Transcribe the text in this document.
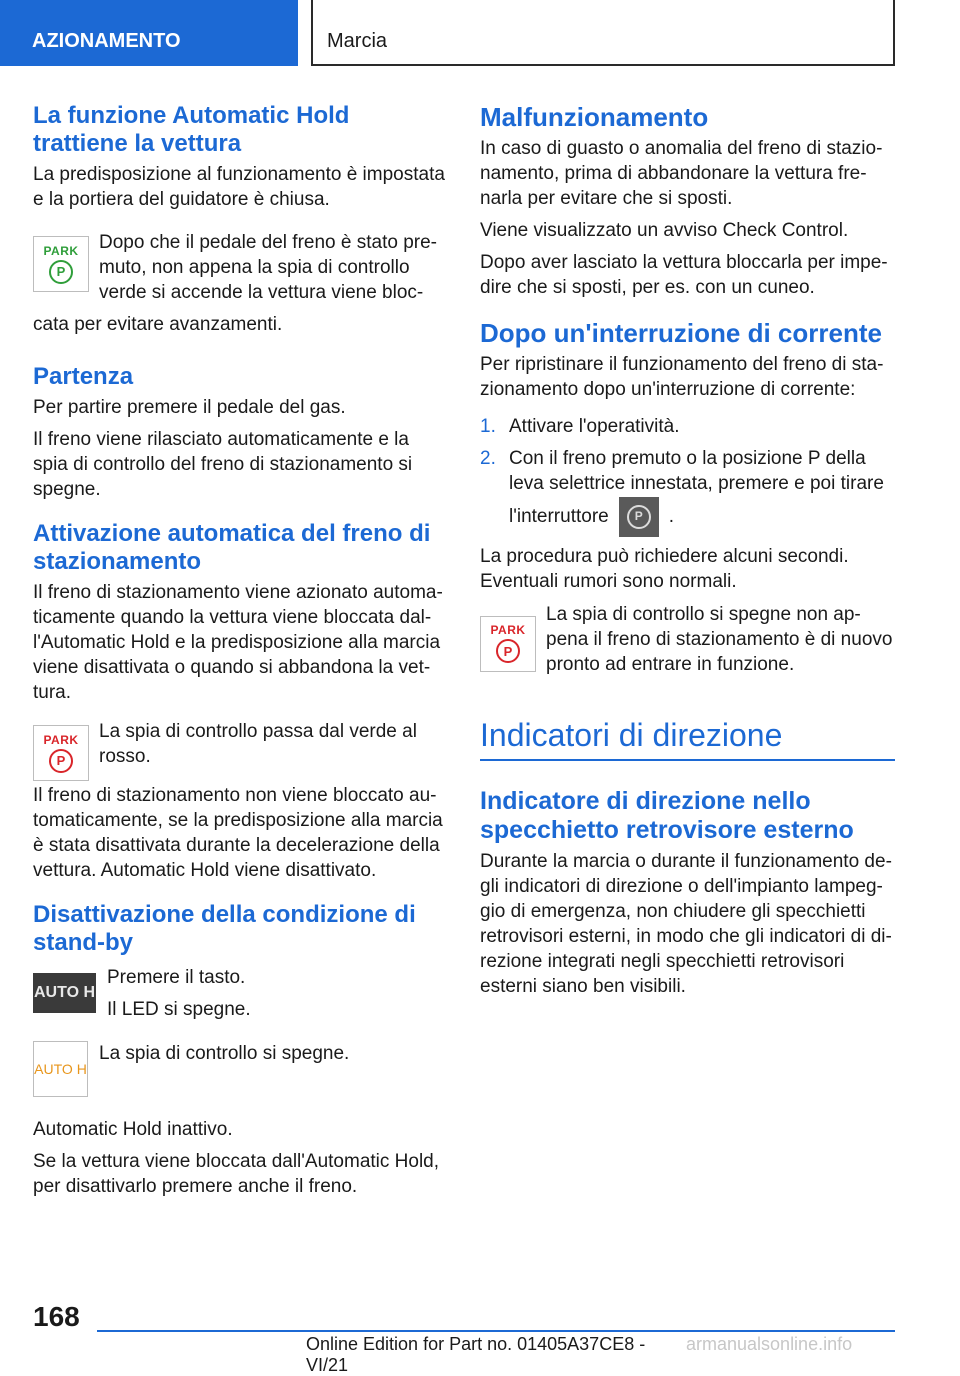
AZIONAMENTO	Marcia
La funzione Automatic Hold trattiene la vettura

La predisposizione al funzionamento è impostata e la portiera del guidatore è chiusa.

PARK
P

Dopo che il pedale del freno è stato pre-muto, non appena la spia di controllo verde si accende la vettura viene bloc-

cata per evitare avanzamenti.

Partenza

Per partire premere il pedale del gas.

Il freno viene rilasciato automaticamente e la spia di controllo del freno di stazionamento si spegne.

Attivazione automatica del freno di stazionamento

Il freno di stazionamento viene azionato automa-ticamente quando la vettura viene bloccata dal-l'Automatic Hold e la predisposizione alla marcia viene disattivata o quando si abbandona la vet-tura.

PARK
P

La spia di controllo passa dal verde al rosso.

Il freno di stazionamento non viene bloccato au-tomaticamente, se la predisposizione alla marcia è stata disattivata durante la decelerazione della vettura. Automatic Hold viene disattivato.

Disattivazione della condizione di stand-by
AUTO H

Premere il tasto.

Il LED si spegne.

AUTO H

La spia di controllo si spegne.

Automatic Hold inattivo.

Se la vettura viene bloccata dall'Automatic Hold, per disattivarlo premere anche il freno.

Malfunzionamento

In caso di guasto o anomalia del freno di stazio-namento, prima di abbandonare la vettura fre-narla per evitare che si sposti.

Viene visualizzato un avviso Check Control.

Dopo aver lasciato la vettura bloccarla per impe-dire che si sposti, per es. con un cuneo.

Dopo un'interruzione di corrente

Per ripristinare il funzionamento del freno di sta-zionamento dopo un'interruzione di corrente:

1. Attivare l'operatività.
2. Con il freno premuto o la posizione P della leva selettrice innestata, premere e poi tirare
l'interruttore	P	.

La procedura può richiedere alcuni secondi.

Eventuali rumori sono normali.

PARK
P

La spia di controllo si spegne non ap-pena il freno di stazionamento è di nuovo pronto ad entrare in funzione.

Indicatori di direzione
Indicatore di direzione nello specchietto retrovisore esterno

Durante la marcia o durante il funzionamento de-gli indicatori di direzione o dell'impianto lampeg-gio di emergenza, non chiudere gli specchietti retrovisori esterni, in modo che gli indicatori di di-rezione integrati negli specchietti retrovisori esterni siano ben visibili.

168
Online Edition for Part no. 01405A37CE8 - VI/21
armanualsonline.info
